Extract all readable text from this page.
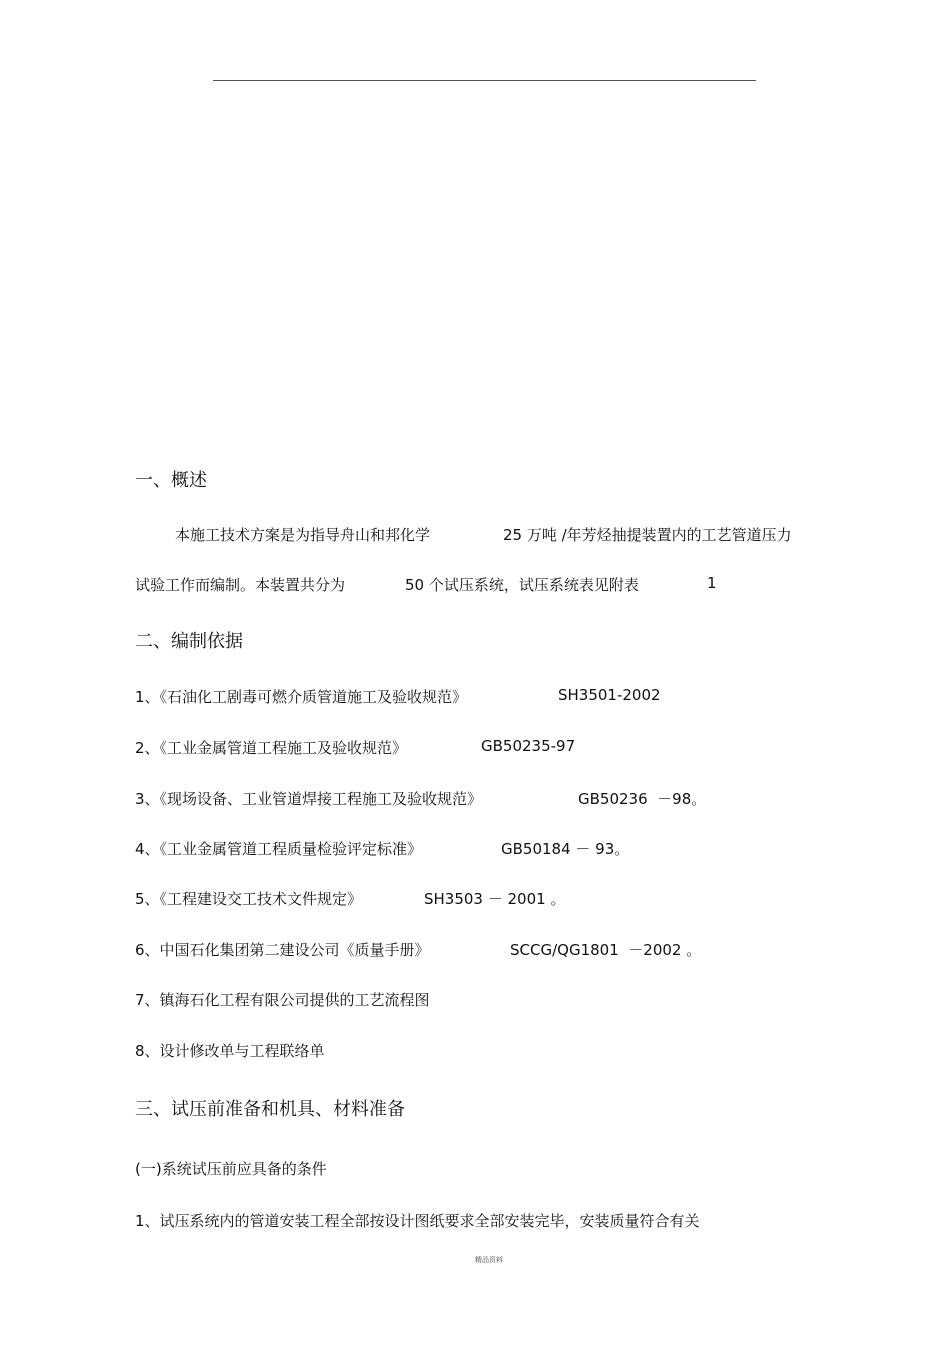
一、概述
本施工技术方案是为指导舟山和邦化学	25 万吨 /年芳烃抽提装置内的工艺管道压力
试验工作而编制。本装置共分为	50 个试压系统，试压系统表见附表	1
二、编制依据
1、《石油化工剧毒可燃介质管道施工及验收规范》	SH3501-2002
2、《工业金属管道工程施工及验收规范》	GB50235-97
3、《现场设备、工业管道焊接工程施工及验收规范》	GB50236  －98。
4、《工业金属管道工程质量检验评定标准》	GB50184 － 93。
5、《工程建设交工技术文件规定》	SH3503 － 2001 。
6、中国石化集团第二建设公司《质量手册》	SCCG/QG1801  －2002 。
7、镇海石化工程有限公司提供的工艺流程图
8、设计修改单与工程联络单
三、试压前准备和机具、材料准备
(一)系统试压前应具备的条件
1、试压系统内的管道安装工程全部按设计图纸要求全部安装完毕，安装质量符合有关
精品资料
